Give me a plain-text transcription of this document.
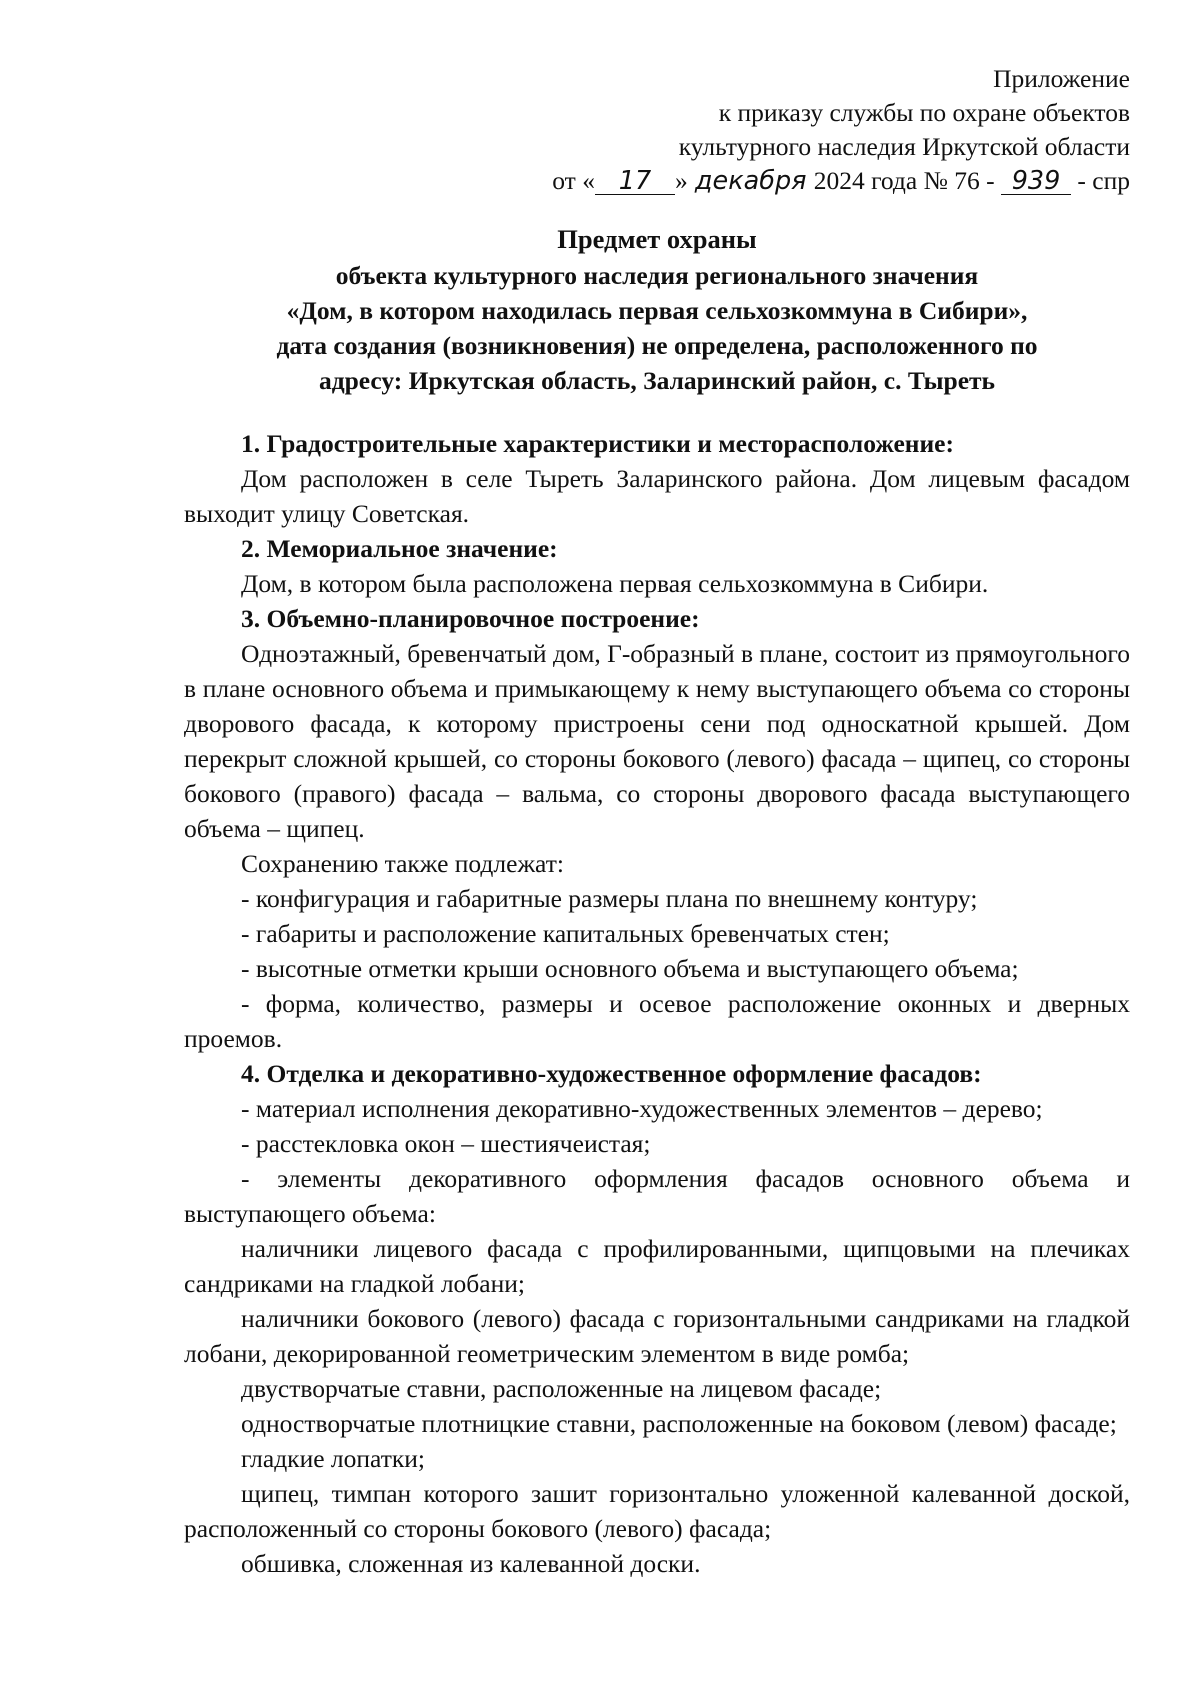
Приложение
к приказу службы по охране объектов
культурного наследия Иркутской области
от « 17 » декабря 2024 года № 76 - 939 - спр
Предмет охраны
объекта культурного наследия регионального значения
«Дом, в котором находилась первая сельхозкоммуна в Сибири»,
дата создания (возникновения) не определена, расположенного по
адресу: Иркутская область, Заларинский район, с. Тыреть

1. Градостроительные характеристики и месторасположение:

Дом расположен в селе Тыреть Заларинского района. Дом лицевым фасадом выходит улицу Советская.

2. Мемориальное значение:

Дом, в котором была расположена первая сельхозкоммуна в Сибири.

3. Объемно-планировочное построение:

Одноэтажный, бревенчатый дом, Г-образный в плане, состоит из прямоугольного в плане основного объема и примыкающему к нему выступающего объема со стороны дворового фасада, к которому пристроены сени под односкатной крышей. Дом перекрыт сложной крышей, со стороны бокового (левого) фасада – щипец, со стороны бокового (правого) фасада – вальма, со стороны дворового фасада выступающего объема – щипец.

Сохранению также подлежат:

- конфигурация и габаритные размеры плана по внешнему контуру;

- габариты и расположение капитальных бревенчатых стен;

- высотные отметки крыши основного объема и выступающего объема;

- форма, количество, размеры и осевое расположение оконных и дверных проемов.

4. Отделка и декоративно-художественное оформление фасадов:

- материал исполнения декоративно-художественных элементов – дерево;

- расстекловка окон – шестиячеистая;

- элементы декоративного оформления фасадов основного объема и выступающего объема:

наличники лицевого фасада с профилированными, щипцовыми на плечиках сандриками на гладкой лобани;

наличники бокового (левого) фасада с горизонтальными сандриками на гладкой лобани, декорированной геометрическим элементом в виде ромба;

двустворчатые ставни, расположенные на лицевом фасаде;

одностворчатые плотницкие ставни, расположенные на боковом (левом) фасаде;

гладкие лопатки;

щипец, тимпан которого зашит горизонтально уложенной калеванной доской, расположенный со стороны бокового (левого) фасада;

обшивка, сложенная из калеванной доски.
